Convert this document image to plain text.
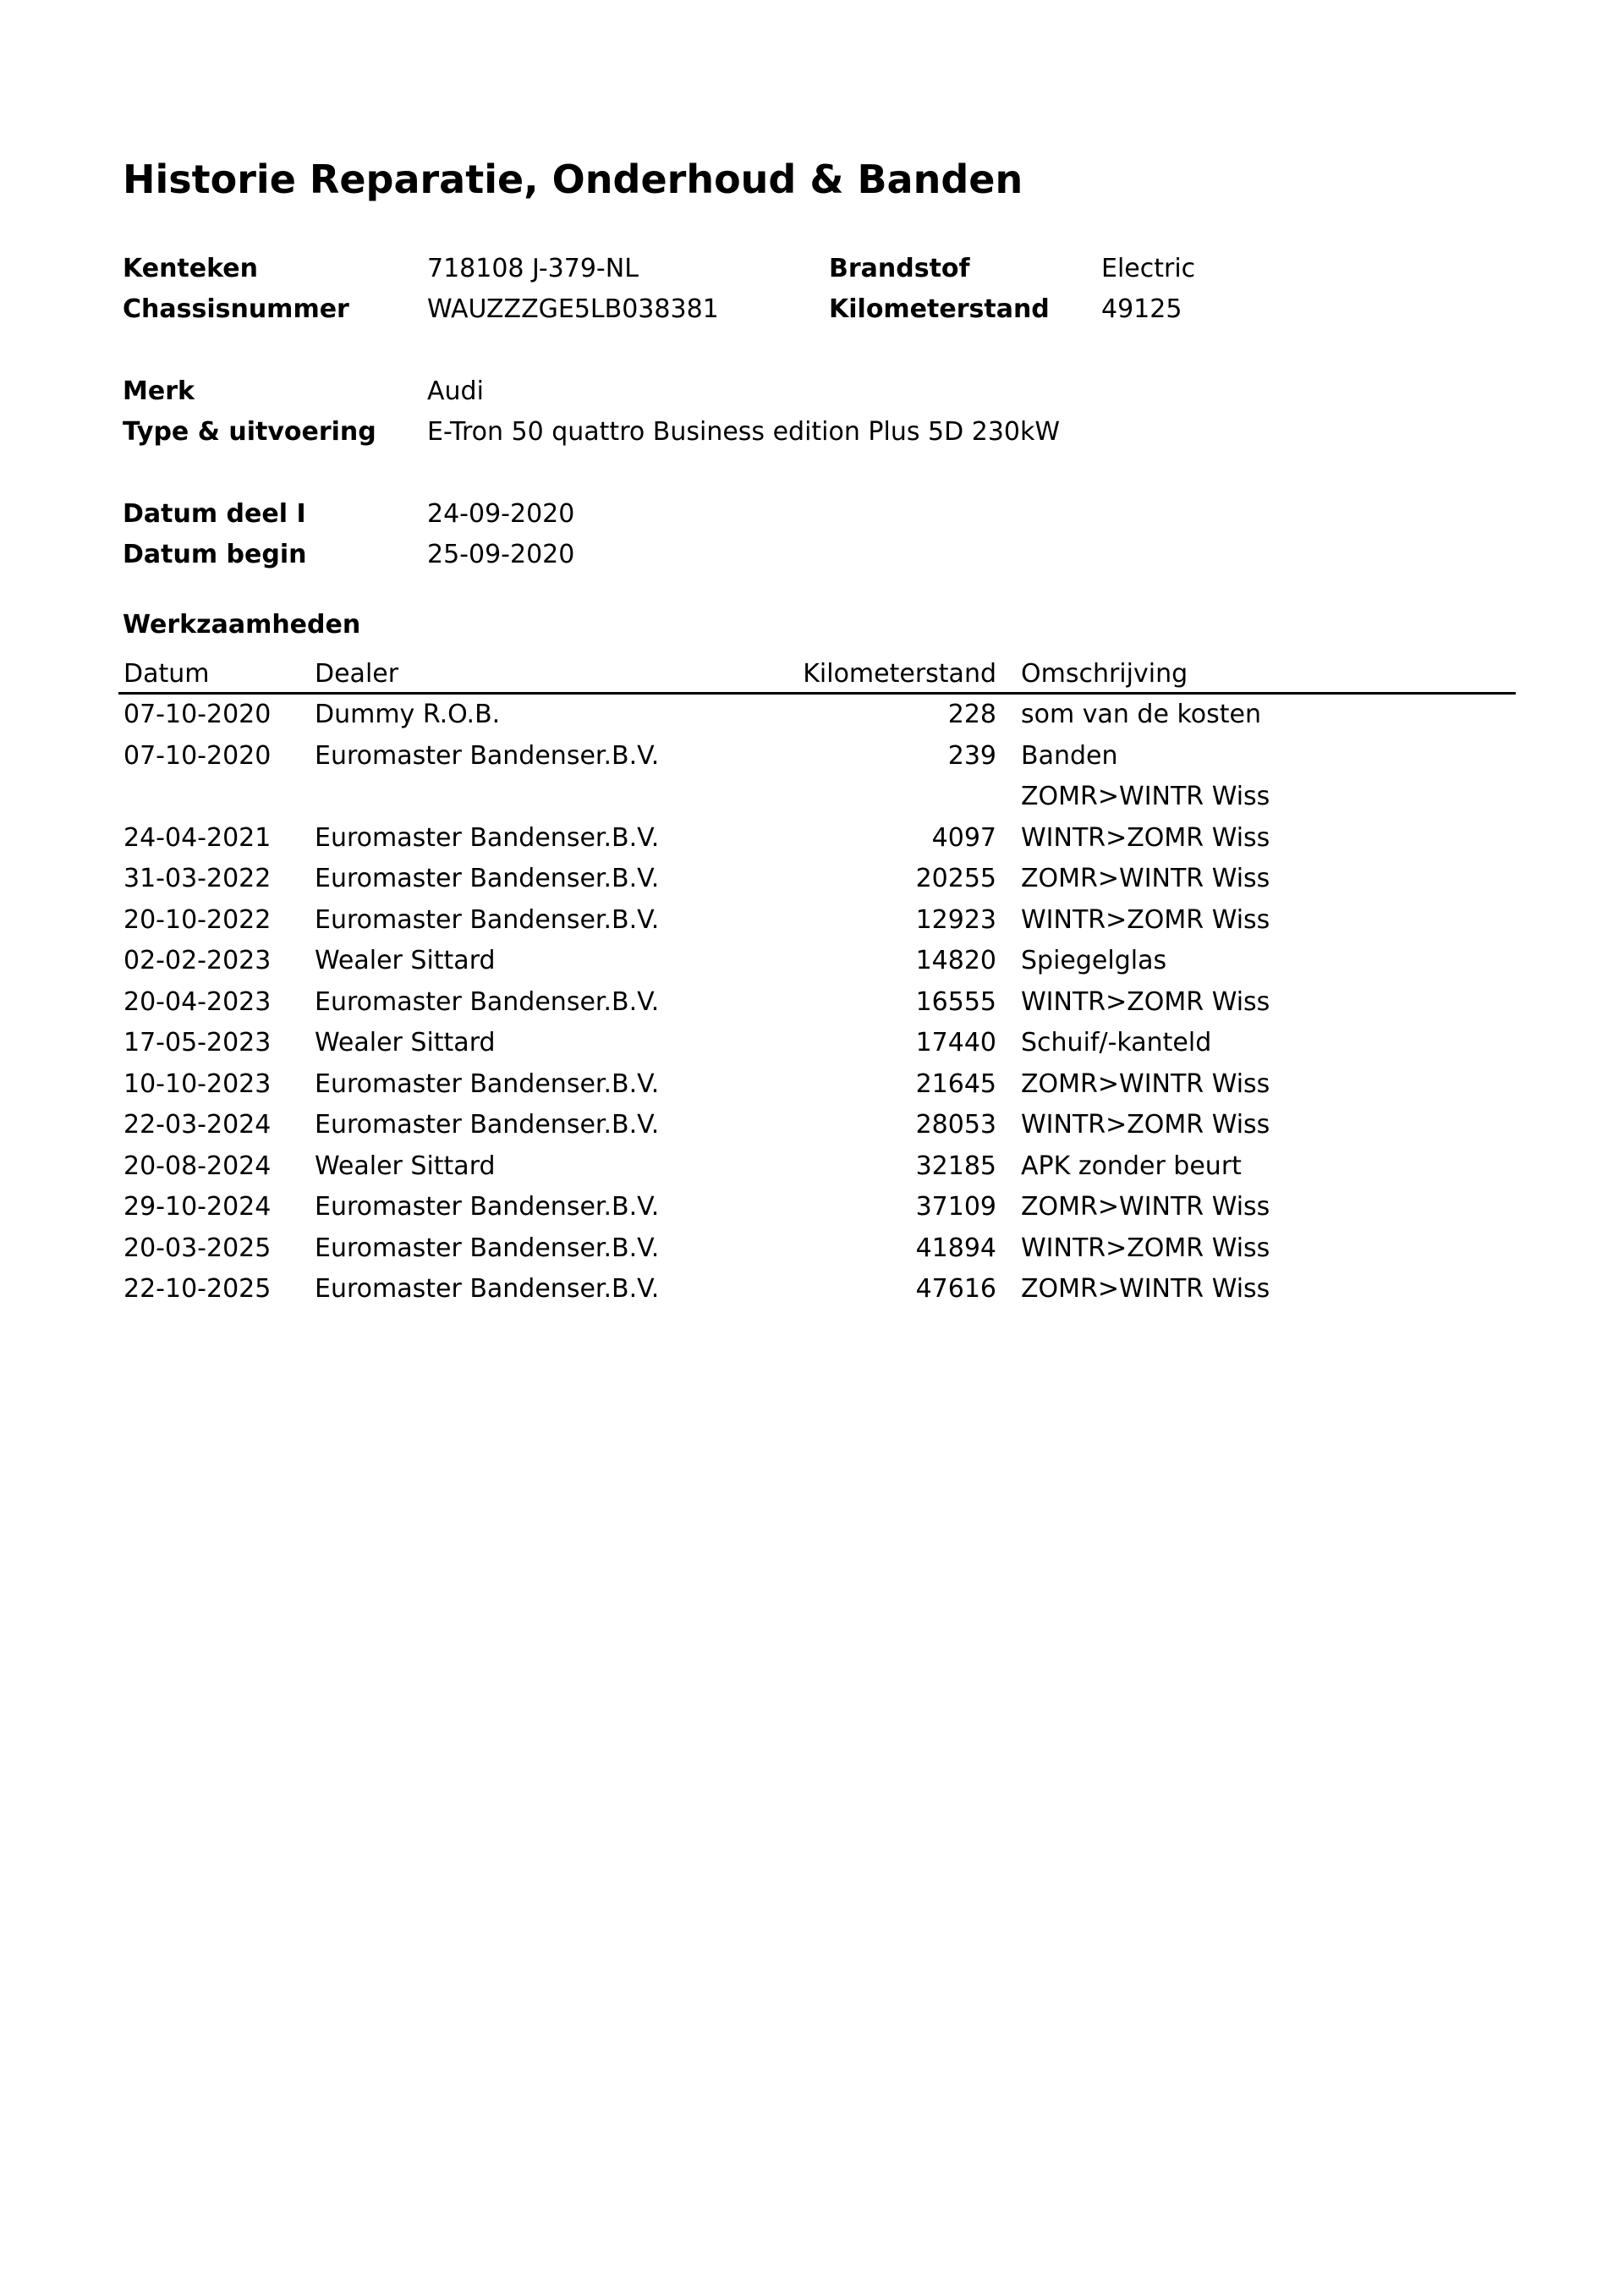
Historie Reparatie, Onderhoud & Banden
Kenteken	718108 J-379-NL	Brandstof	Electric
Chassisnummer	WAUZZZGE5LB038381	Kilometerstand 49125
Merk	Audi
Type & uitvoering E-Tron 50 quattro Business edition Plus 5D 230kW
Datum deel I	24-09-2020
Datum begin	25-09-2020
Werkzaamheden
Datum	Dealer	Kilometerstand Omschrijving
07-10-2020 Dummy R.O.B.	228 som van de kosten
07-10-2020 Euromaster Bandenser.B.V.	239 Banden
ZOMR>WINTR Wiss
24-04-2021 Euromaster Bandenser.B.V.	4097 WINTR>ZOMR Wiss
31-03-2022 Euromaster Bandenser.B.V.	20255 ZOMR>WINTR Wiss
20-10-2022 Euromaster Bandenser.B.V.	12923 WINTR>ZOMR Wiss
02-02-2023 Wealer Sittard	14820 Spiegelglas
20-04-2023 Euromaster Bandenser.B.V.	16555 WINTR>ZOMR Wiss
17-05-2023 Wealer Sittard	17440 Schuif/-kanteld
10-10-2023 Euromaster Bandenser.B.V.	21645 ZOMR>WINTR Wiss
22-03-2024 Euromaster Bandenser.B.V.	28053 WINTR>ZOMR Wiss
20-08-2024 Wealer Sittard	32185 APK zonder beurt
29-10-2024 Euromaster Bandenser.B.V.	37109 ZOMR>WINTR Wiss
20-03-2025 Euromaster Bandenser.B.V.	41894 WINTR>ZOMR Wiss
22-10-2025 Euromaster Bandenser.B.V.	47616 ZOMR>WINTR Wiss
